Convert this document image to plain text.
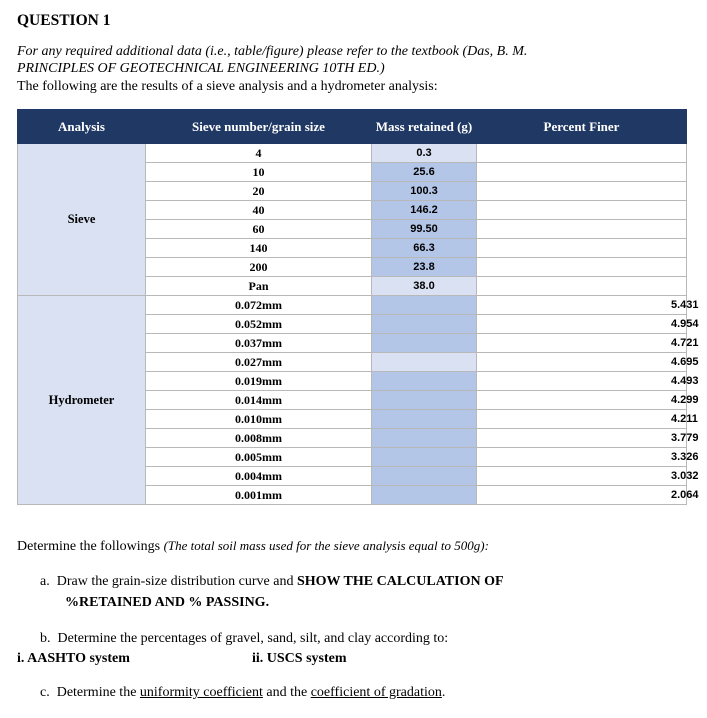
QUESTION 1
For any required additional data (i.e., table/figure) please refer to the textbook (Das, B. M.
PRINCIPLES OF GEOTECHNICAL ENGINEERING 10TH ED.)
The following are the results of a sieve analysis and a hydrometer analysis:
Analysis	Sieve number/grain size	Mass retained (g)	Percent Finer
Sieve	4	0.3	
	10	25.6	
	20	100.3	
	40	146.2	
	60	99.50	
	140	66.3	
	200	23.8	
	Pan	38.0	
Hydrometer	0.072mm		5.431
	0.052mm		4.954
	0.037mm		4.721
	0.027mm		4.695
	0.019mm		4.493
	0.014mm		4.299
	0.010mm		4.211
	0.008mm		3.779
	0.005mm		3.326
	0.004mm		3.032
	0.001mm		2.064
Determine the followings (The total soil mass used for the sieve analysis equal to 500g):
a. Draw the grain-size distribution curve and SHOW THE CALCULATION OF
%RETAINED AND % PASSING.
b. Determine the percentages of gravel, sand, silt, and clay according to:
i. AASHTO system	ii. USCS system
c. Determine the uniformity coefficient and the coefficient of gradation.
